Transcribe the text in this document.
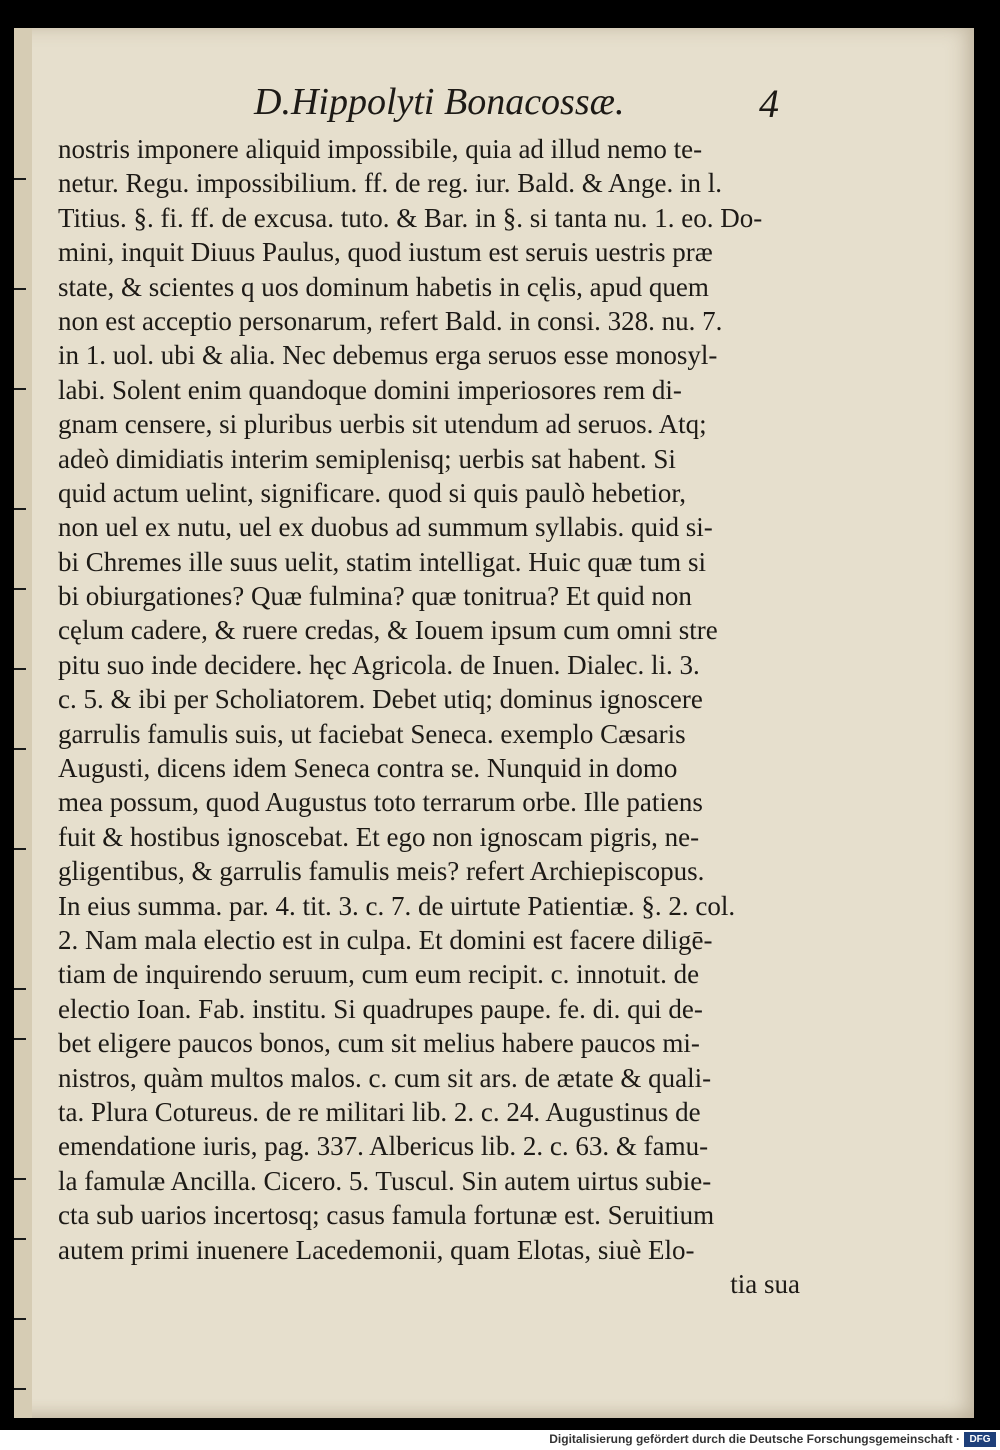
D.Hippolyti Bonacossæ.	4
nostris imponere aliquid impossibile, quia ad illud nemo te-
netur. Regu. impossibilium. ff. de reg. iur. Bald. & Ange. in l.
Titius. §. fi. ff. de excusa. tuto. & Bar. in §. si tanta nu. 1. eo. Do-
mini, inquit Diuus Paulus, quod iustum est seruis uestris præ
state, & scientes q uos dominum habetis in cęlis, apud quem
non est acceptio personarum, refert Bald. in consi. 328. nu. 7.
in 1. uol. ubi & alia. Nec debemus erga seruos esse monosyl-
labi. Solent enim quandoque domini imperiosores rem di-
gnam censere, si pluribus uerbis sit utendum ad seruos. Atq;
adeò dimidiatis interim semiplenisq; uerbis sat habent. Si
quid actum uelint, significare. quod si quis paulò hebetior,
non uel ex nutu, uel ex duobus ad summum syllabis. quid si-
bi Chremes ille suus uelit, statim intelligat. Huic quæ tum si
bi obiurgationes? Quæ fulmina? quæ tonitrua? Et quid non
cęlum cadere, & ruere credas, & Iouem ipsum cum omni stre
pitu suo inde decidere. hęc Agricola. de Inuen. Dialec. li. 3.
c. 5. & ibi per Scholiatorem. Debet utiq; dominus ignoscere
garrulis famulis suis, ut faciebat Seneca. exemplo Cæsaris
Augusti, dicens idem Seneca contra se. Nunquid in domo
mea possum, quod Augustus toto terrarum orbe. Ille patiens
fuit & hostibus ignoscebat. Et ego non ignoscam pigris, ne-
gligentibus, & garrulis famulis meis? refert Archiepiscopus.
In eius summa. par. 4. tit. 3. c. 7. de uirtute Patientiæ. §. 2. col.
2. Nam mala electio est in culpa. Et domini est facere diligē-
tiam de inquirendo seruum, cum eum recipit. c. innotuit. de
electio Ioan. Fab. institu. Si quadrupes paupe. fe. di. qui de-
bet eligere paucos bonos, cum sit melius habere paucos mi-
nistros, quàm multos malos. c. cum sit ars. de ætate & quali-
ta. Plura Cotureus. de re militari lib. 2. c. 24. Augustinus de
emendatione iuris, pag. 337. Albericus lib. 2. c. 63. & famu-
la famulæ Ancilla. Cicero. 5. Tuscul. Sin autem uirtus subie-
cta sub uarios incertosq; casus famula fortunæ est. Seruitium
autem primi inuenere Lacedemonii, quam Elotas, siuè Elo-
tia sua
Digitalisierung gefördert durch die Deutsche Forschungsgemeinschaft · DFG
